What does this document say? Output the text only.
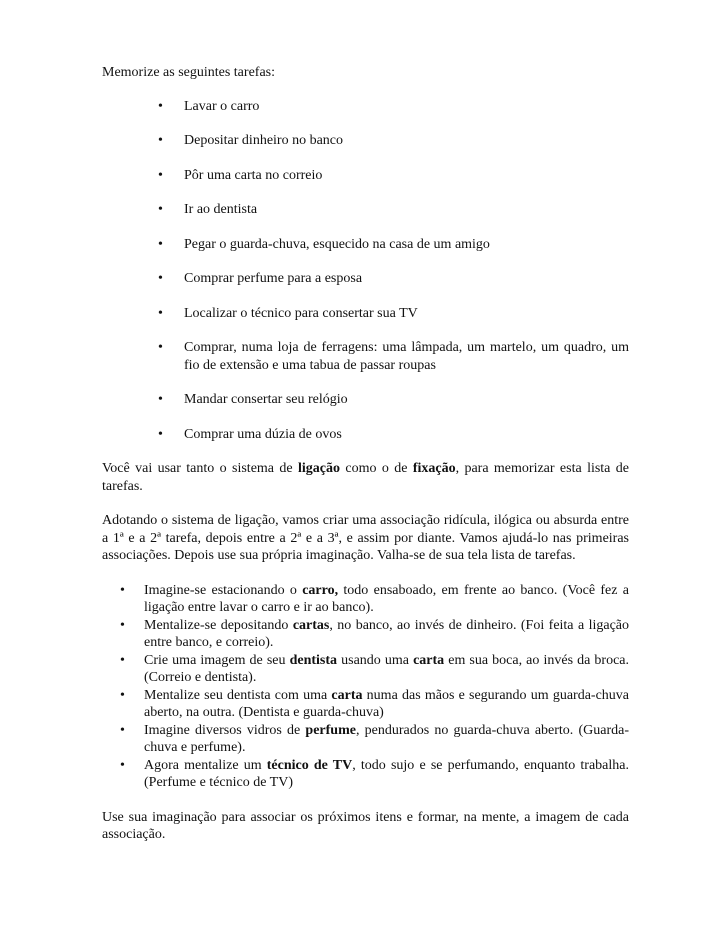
Memorize as seguintes tarefas:

• Lavar o carro
• Depositar dinheiro no banco
• Pôr uma carta no correio
• Ir ao dentista
• Pegar o guarda-chuva, esquecido na casa de um amigo
• Comprar perfume para a esposa
• Localizar o técnico para consertar sua TV
• Comprar, numa loja de ferragens: uma lâmpada, um martelo, um quadro, um fio de extensão e uma tabua de passar roupas
• Mandar consertar seu relógio
• Comprar uma dúzia de ovos

Você vai usar tanto o sistema de ligação como o de fixação, para memorizar esta lista de tarefas.

Adotando o sistema de ligação, vamos criar uma associação ridícula, ilógica ou absurda entre a 1ª e a 2ª tarefa, depois entre a 2ª e a 3ª, e assim por diante. Vamos ajudá-lo nas primeiras associações. Depois use sua própria imaginação. Valha-se de sua tela lista de tarefas.

• Imagine-se estacionando o carro, todo ensaboado, em frente ao banco. (Você fez a ligação entre lavar o carro e ir ao banco).
• Mentalize-se depositando cartas, no banco, ao invés de dinheiro. (Foi feita a ligação entre banco, e correio).
• Crie uma imagem de seu dentista usando uma carta em sua boca, ao invés da broca. (Correio e dentista).
• Mentalize seu dentista com uma carta numa das mãos e segurando um guarda-chuva aberto, na outra. (Dentista e guarda-chuva)
• Imagine diversos vidros de perfume, pendurados no guarda-chuva aberto. (Guarda-chuva e perfume).
• Agora mentalize um técnico de TV, todo sujo e se perfumando, enquanto trabalha. (Perfume e técnico de TV)

Use sua imaginação para associar os próximos itens e formar, na mente, a imagem de cada associação.
